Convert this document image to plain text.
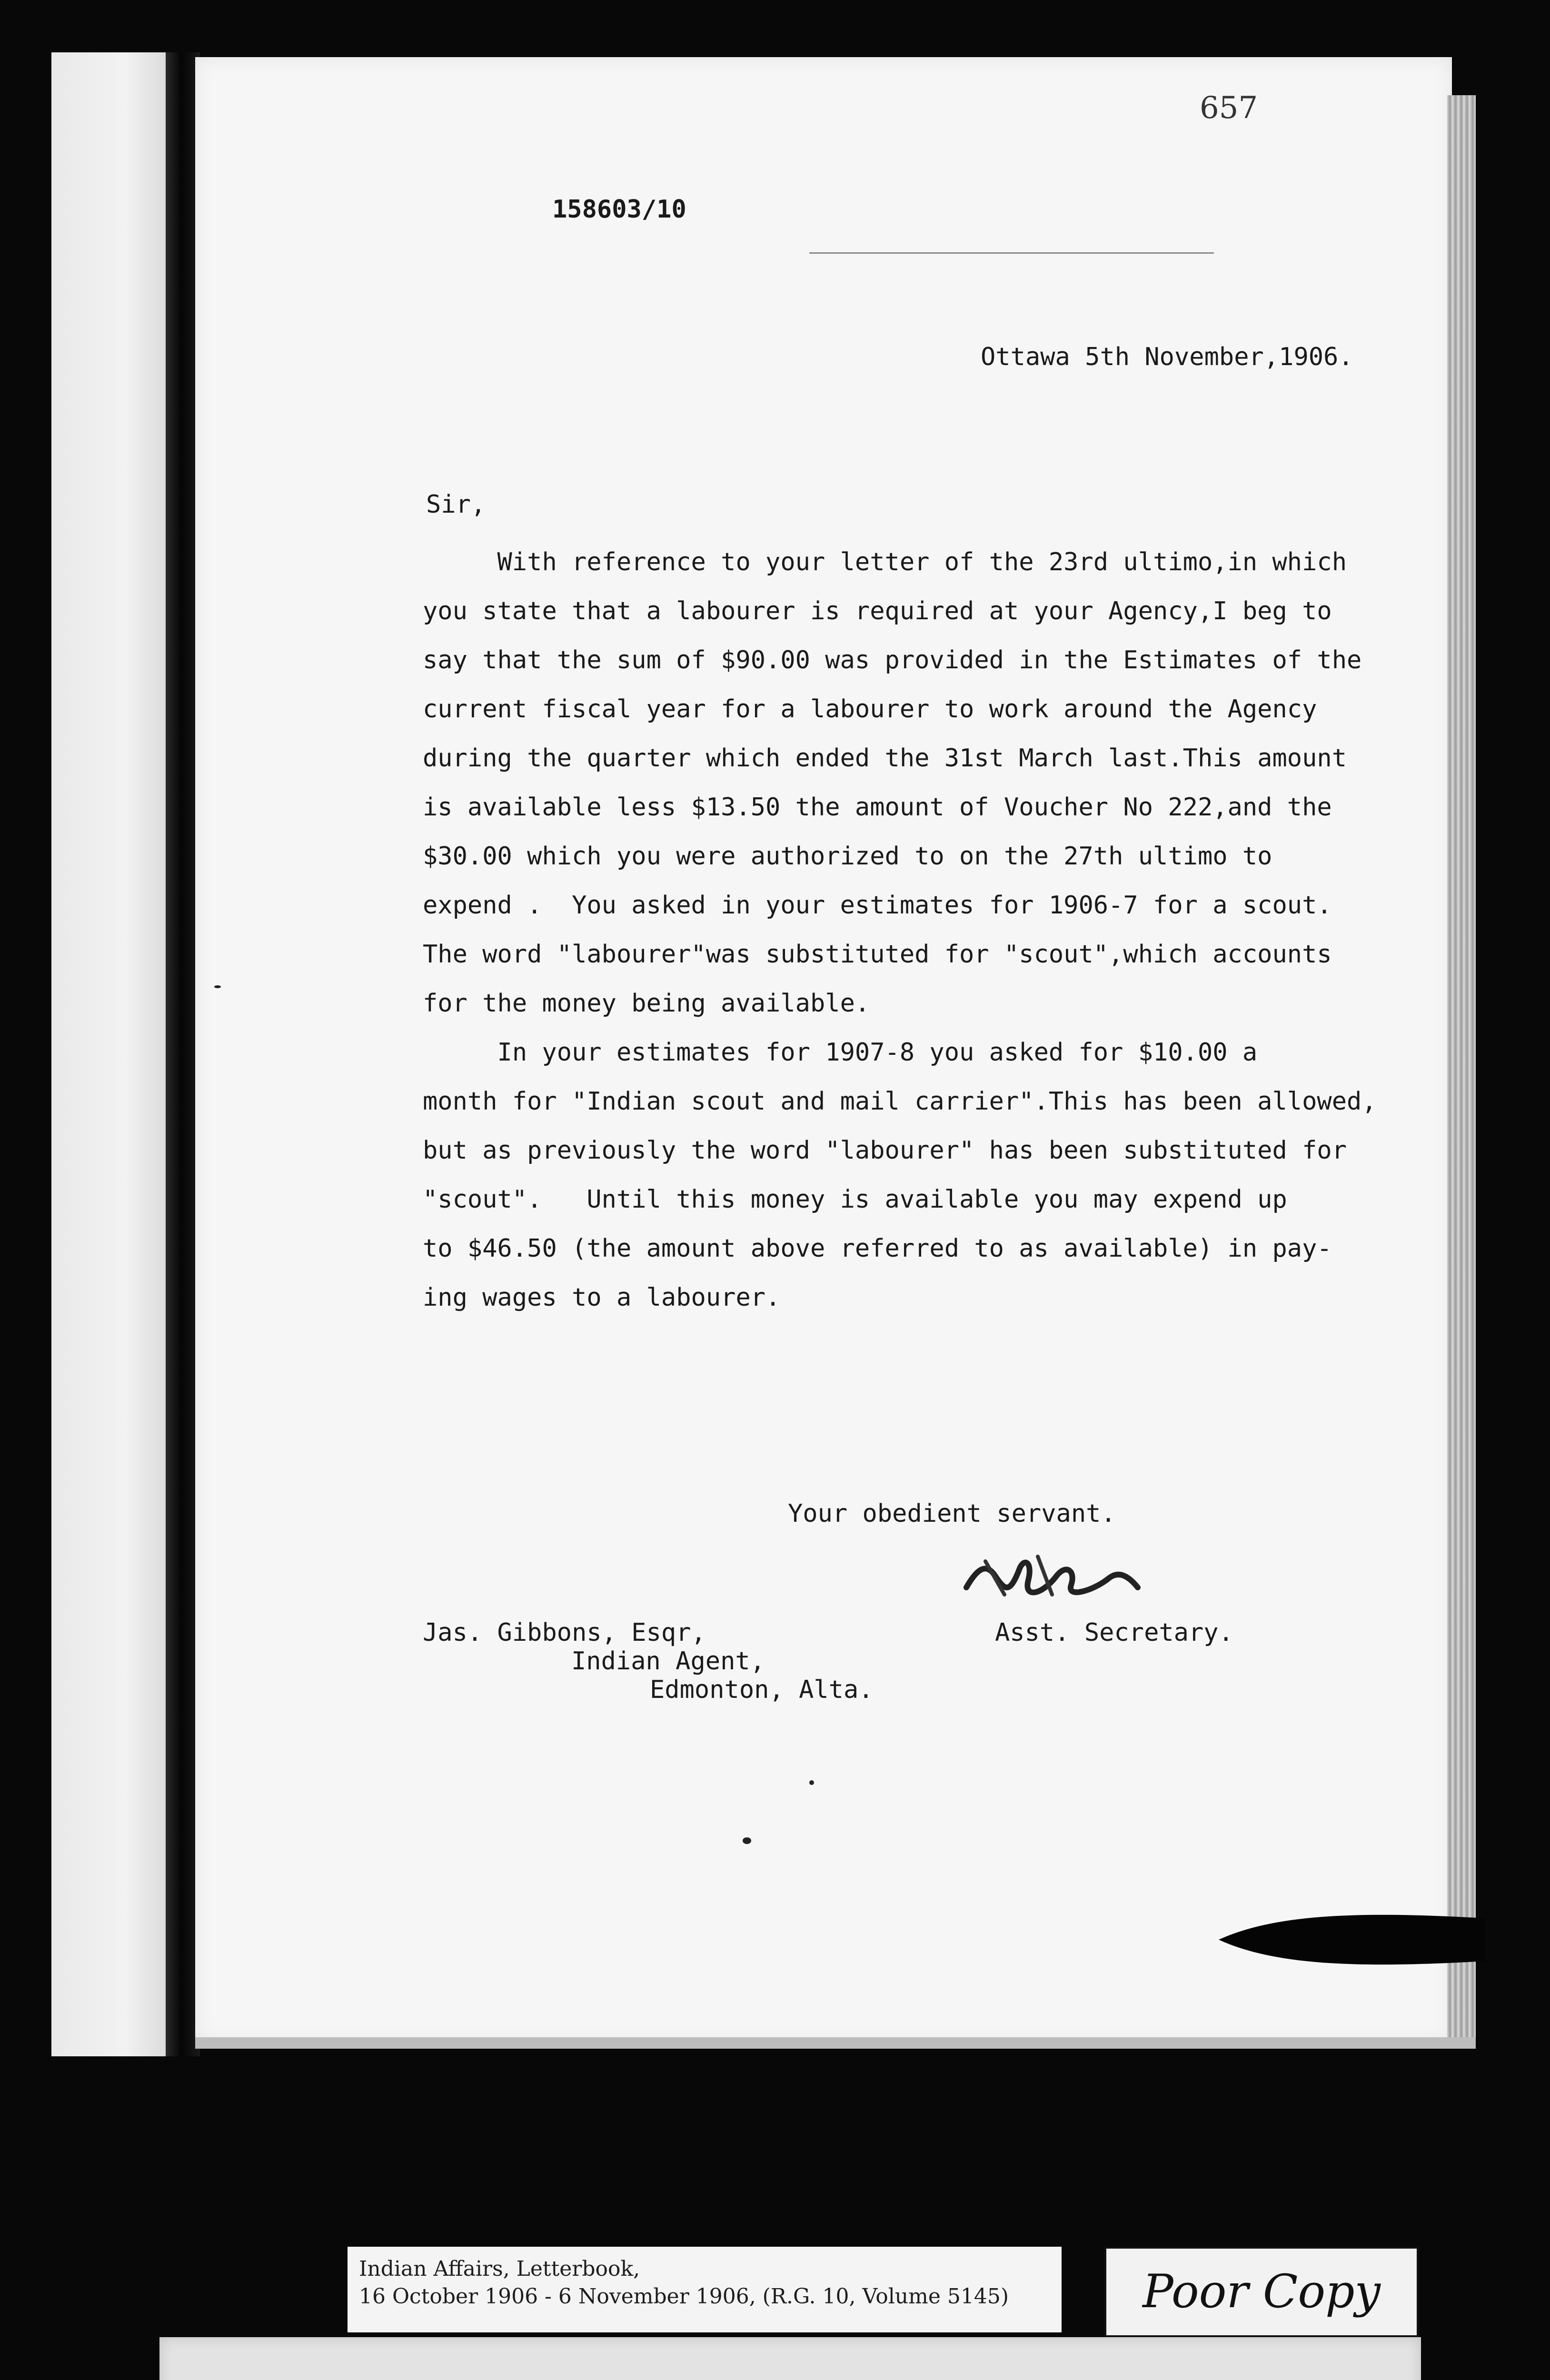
657
158603/10
Ottawa 5th November,1906.
Sir,
With reference to your letter of the 23rd ultimo,in which
you state that a labourer is required at your Agency,I beg to
say that the sum of $90.00 was provided in the Estimates of the
current fiscal year for a labourer to work around the Agency
during the quarter which ended the 31st March last.This amount
is available less $13.50 the amount of Voucher No 222,and the
$30.00 which you were authorized to on the 27th ultimo to
expend .  You asked in your estimates for 1906-7 for a scout.
The word "labourer"was substituted for "scout",which accounts
for the money being available.
In your estimates for 1907-8 you asked for $10.00 a
month for "Indian scout and mail carrier".This has been allowed,
but as previously the word "labourer" has been substituted for
"scout".   Until this money is available you may expend up
to $46.50 (the amount above referred to as available) in pay-
ing wages to a labourer.
Your obedient servant.
Jas. Gibbons, Esqr,
Indian Agent,
Edmonton, Alta.
Asst. Secretary.
Indian Affairs, Letterbook,
16 October 1906 - 6 November 1906, (R.G. 10, Volume 5145)	Poor Copy
